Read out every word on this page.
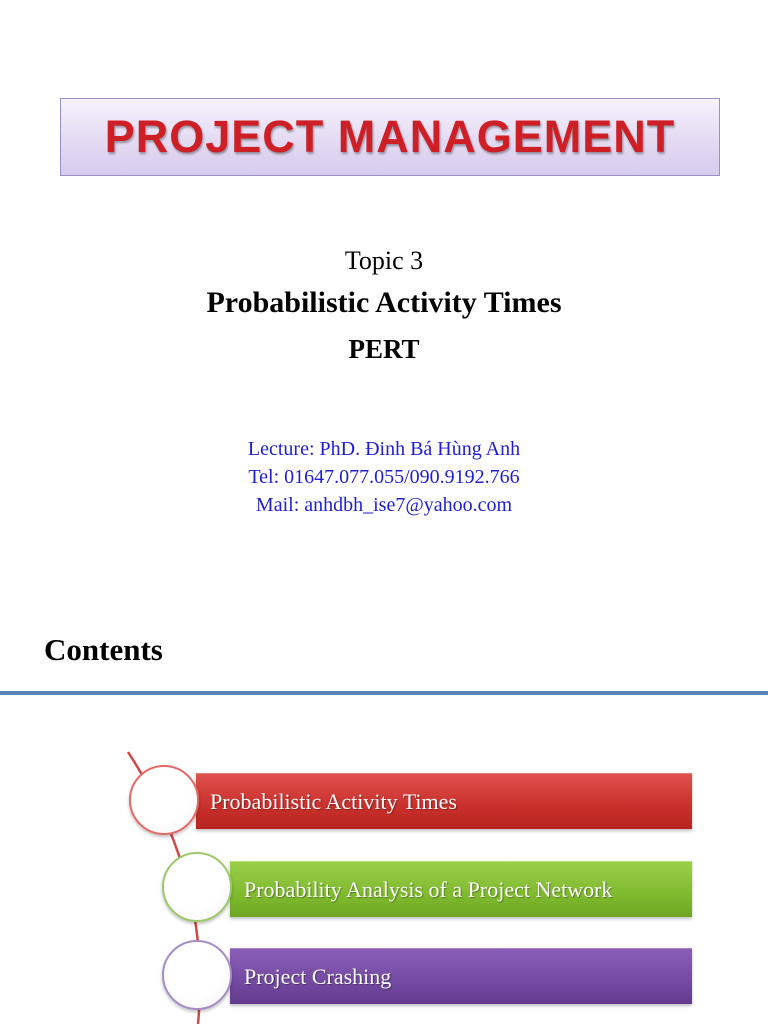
PROJECT MANAGEMENT
Topic 3
Probabilistic Activity Times
PERT
Lecture: PhD. Đinh Bá Hùng Anh
Tel: 01647.077.055/090.9192.766
Mail: anhdbh_ise7@yahoo.com
Contents
Probabilistic Activity Times
Probability Analysis of a Project Network
Project Crashing
